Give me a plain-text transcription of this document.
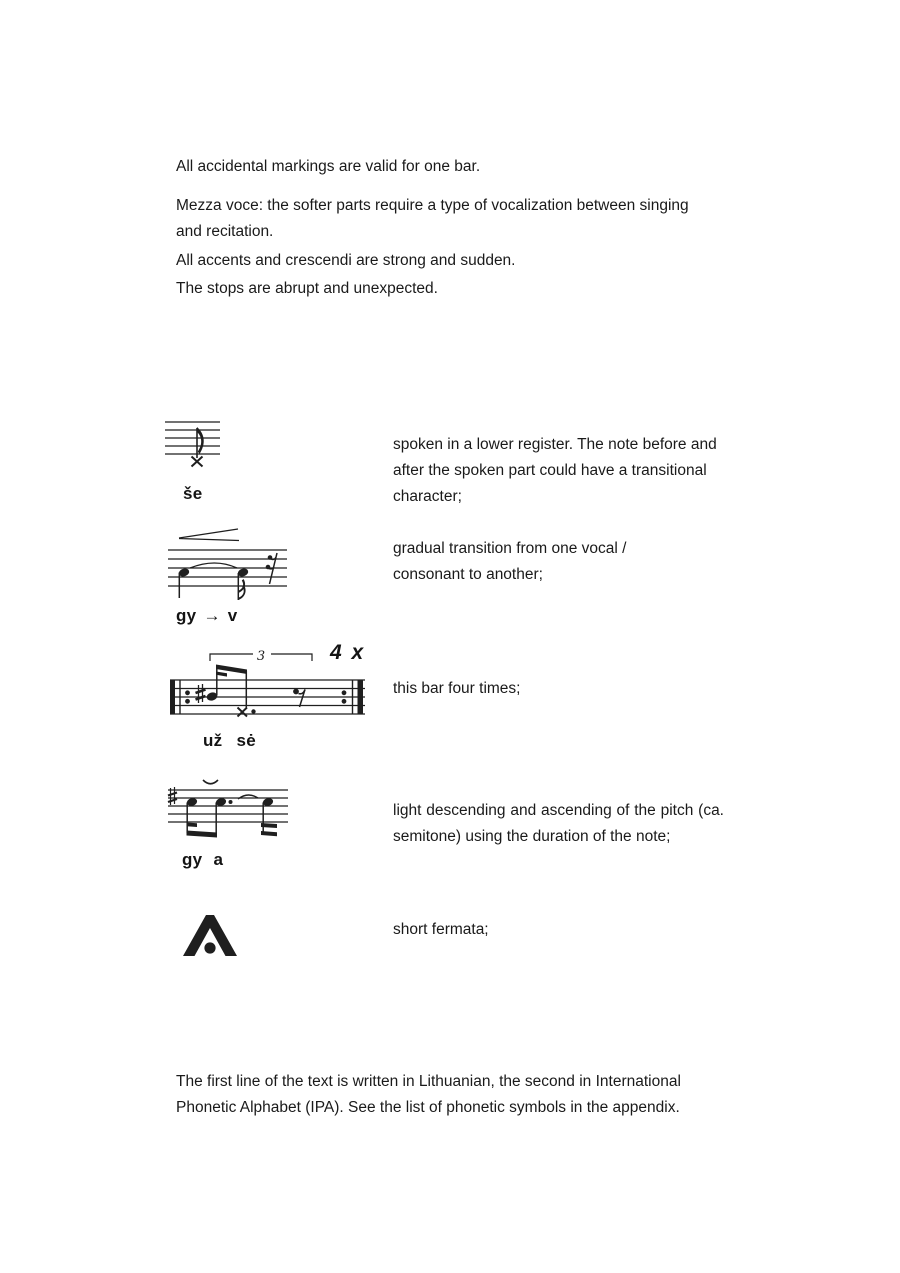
All accidental markings are valid for one bar.

Mezza voce: the softer parts require a type of vocalization between singing and recitation.

All accents and crescendi are strong and sudden.

The stops are abrupt and unexpected.

še
spoken in a lower register. The note before and after the spoken part could have a transitional character;
gy → v
gradual transition from one vocal / consonant to another;
3	4 x
už sė
this bar four times;
gy a
light descending and ascending of the pitch (ca. semitone) using the duration of the note;
short fermata;
The first line of the text is written in Lithuanian, the second in International Phonetic Alphabet (IPA). See the list of phonetic symbols in the appendix.
